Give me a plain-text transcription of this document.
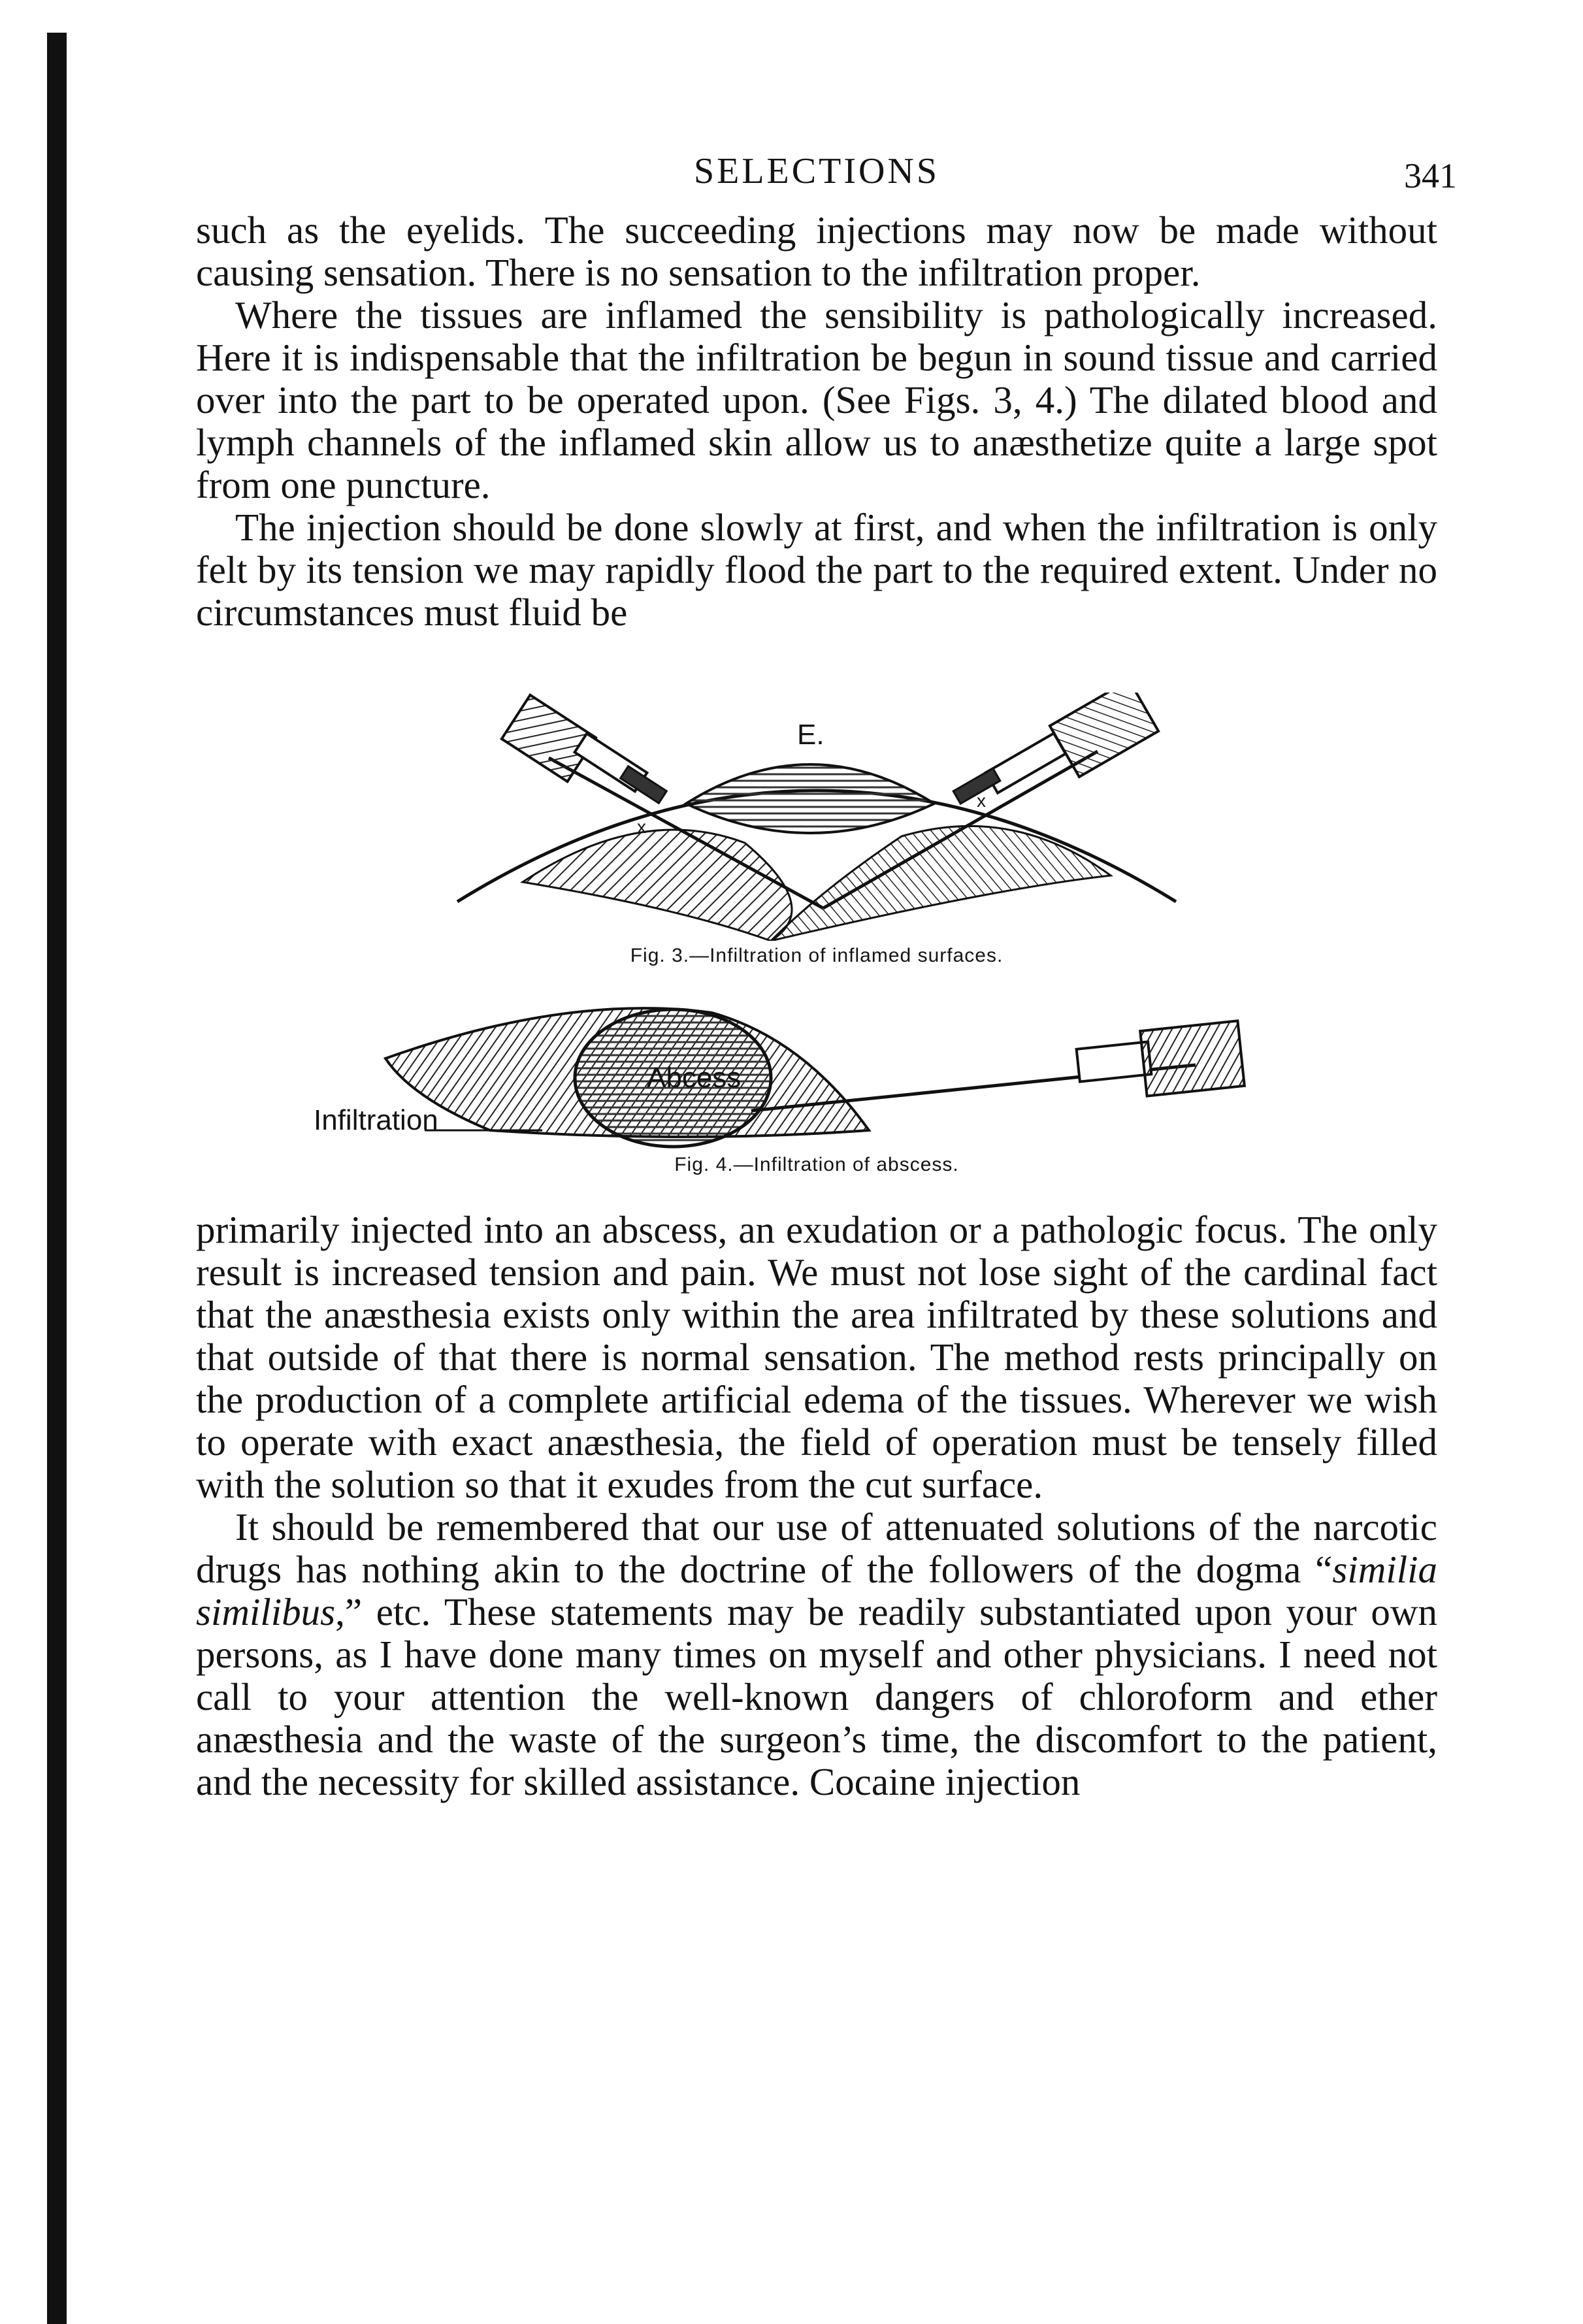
SELECTIONS	341

such as the eyelids. The succeeding injections may now be made without causing sensation. There is no sensation to the infiltration proper.

Where the tissues are inflamed the sensibility is pathologically increased. Here it is indispensable that the infiltration be begun in sound tissue and carried over into the part to be operated upon. (See Figs. 3, 4.) The dilated blood and lymph channels of the inflamed skin allow us to anæsthetize quite a large spot from one puncture.

The injection should be done slowly at first, and when the infiltration is only felt by its tension we may rapidly flood the part to the required extent. Under no circumstances must fluid be

E.
x
x
Fig. 3.—Infiltration of inflamed surfaces.
Abcess
Infiltration
Fig. 4.—Infiltration of abscess.

primarily injected into an abscess, an exudation or a pathologic focus. The only result is increased tension and pain. We must not lose sight of the cardinal fact that the anæsthesia exists only within the area infiltrated by these solutions and that outside of that there is normal sensation. The method rests principally on the production of a complete artificial edema of the tissues. Wherever we wish to operate with exact anæsthesia, the field of operation must be tensely filled with the solution so that it exudes from the cut surface.

It should be remembered that our use of attenuated solutions of the narcotic drugs has nothing akin to the doctrine of the followers of the dogma “similia similibus,” etc. These statements may be readily substantiated upon your own persons, as I have done many times on myself and other physicians. I need not call to your attention the well-known dangers of chloroform and ether anæsthesia and the waste of the surgeon’s time, the discomfort to the patient, and the necessity for skilled assistance. Cocaine injection
